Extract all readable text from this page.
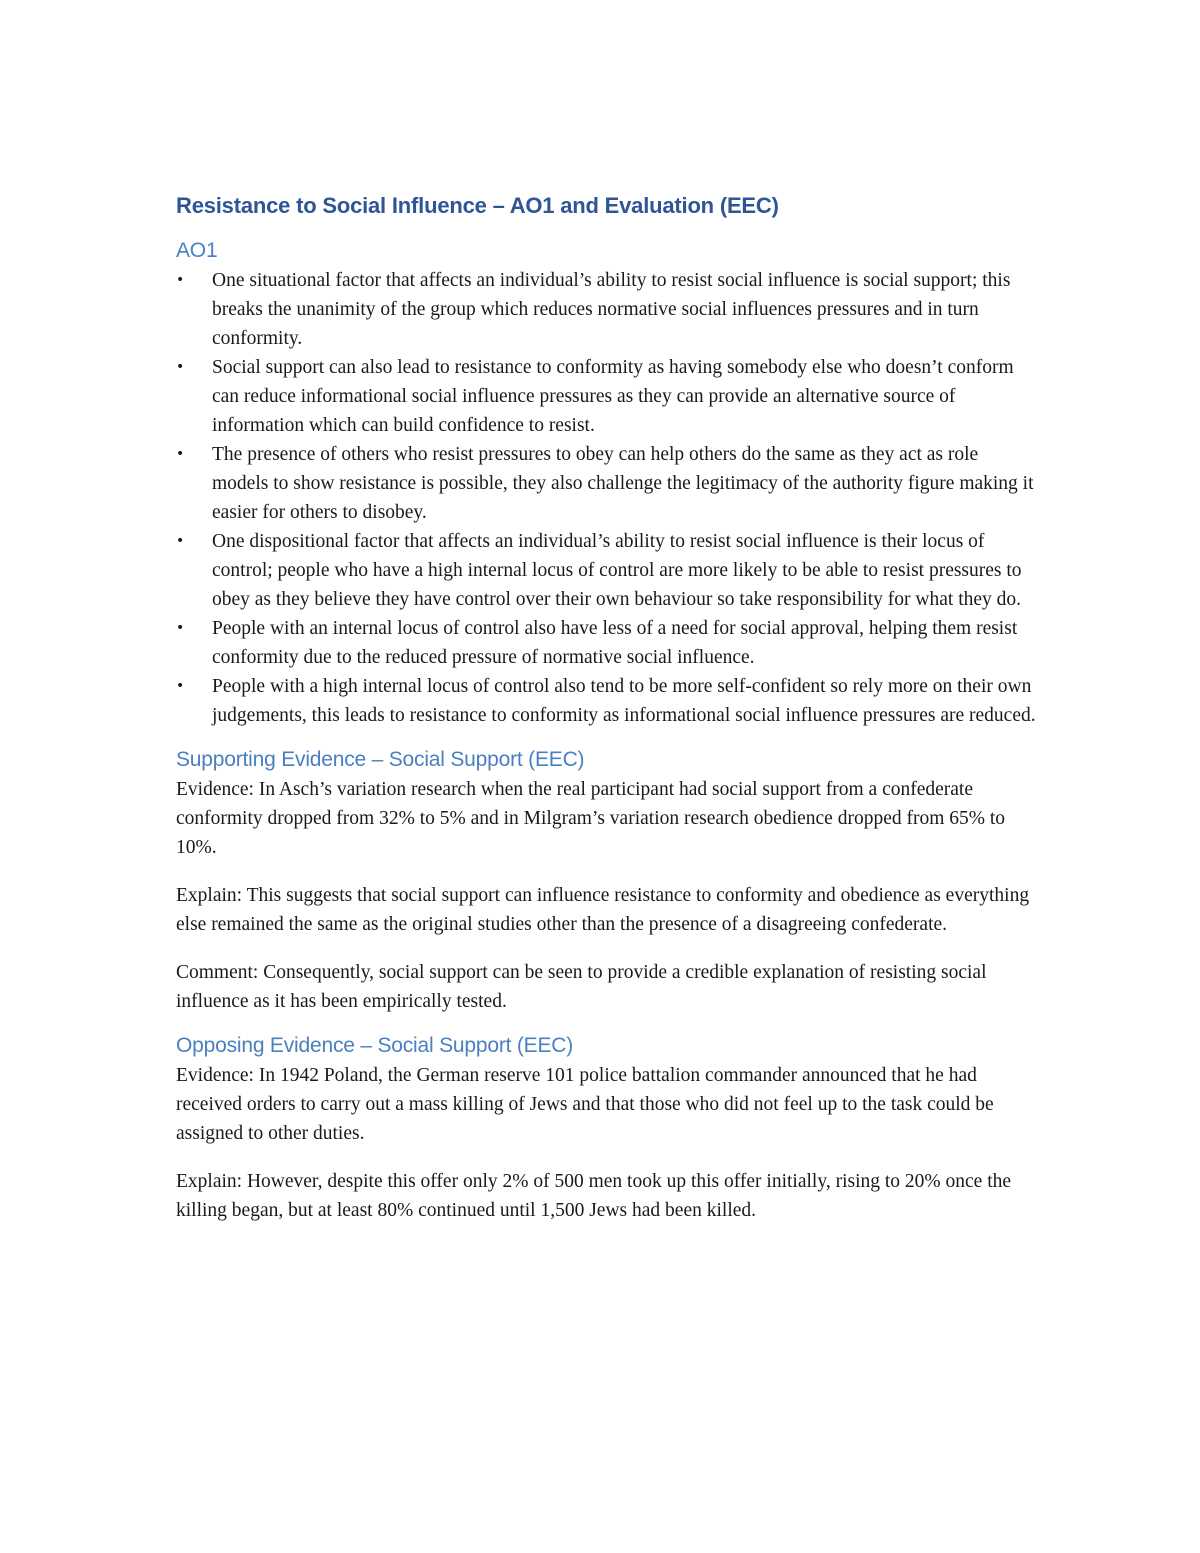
Resistance to Social Influence – AO1 and Evaluation (EEC)
AO1
• One situational factor that affects an individual’s ability to resist social influence is social support; this breaks the unanimity of the group which reduces normative social influences pressures and in turn conformity.
• Social support can also lead to resistance to conformity as having somebody else who doesn’t conform can reduce informational social influence pressures as they can provide an alternative source of information which can build confidence to resist.
• The presence of others who resist pressures to obey can help others do the same as they act as role models to show resistance is possible, they also challenge the legitimacy of the authority figure making it easier for others to disobey.
• One dispositional factor that affects an individual’s ability to resist social influence is their locus of control; people who have a high internal locus of control are more likely to be able to resist pressures to obey as they believe they have control over their own behaviour so take responsibility for what they do.
• People with an internal locus of control also have less of a need for social approval, helping them resist conformity due to the reduced pressure of normative social influence.
• People with a high internal locus of control also tend to be more self-confident so rely more on their own judgements, this leads to resistance to conformity as informational social influence pressures are reduced.
Supporting Evidence – Social Support (EEC)

Evidence: In Asch’s variation research when the real participant had social support from a confederate conformity dropped from 32% to 5% and in Milgram’s variation research obedience dropped from 65% to 10%.

Explain: This suggests that social support can influence resistance to conformity and obedience as everything else remained the same as the original studies other than the presence of a disagreeing confederate.

Comment: Consequently, social support can be seen to provide a credible explanation of resisting social influence as it has been empirically tested.

Opposing Evidence – Social Support (EEC)

Evidence: In 1942 Poland, the German reserve 101 police battalion commander announced that he had received orders to carry out a mass killing of Jews and that those who did not feel up to the task could be assigned to other duties.

Explain: However, despite this offer only 2% of 500 men took up this offer initially, rising to 20% once the killing began, but at least 80% continued until 1,500 Jews had been killed.
